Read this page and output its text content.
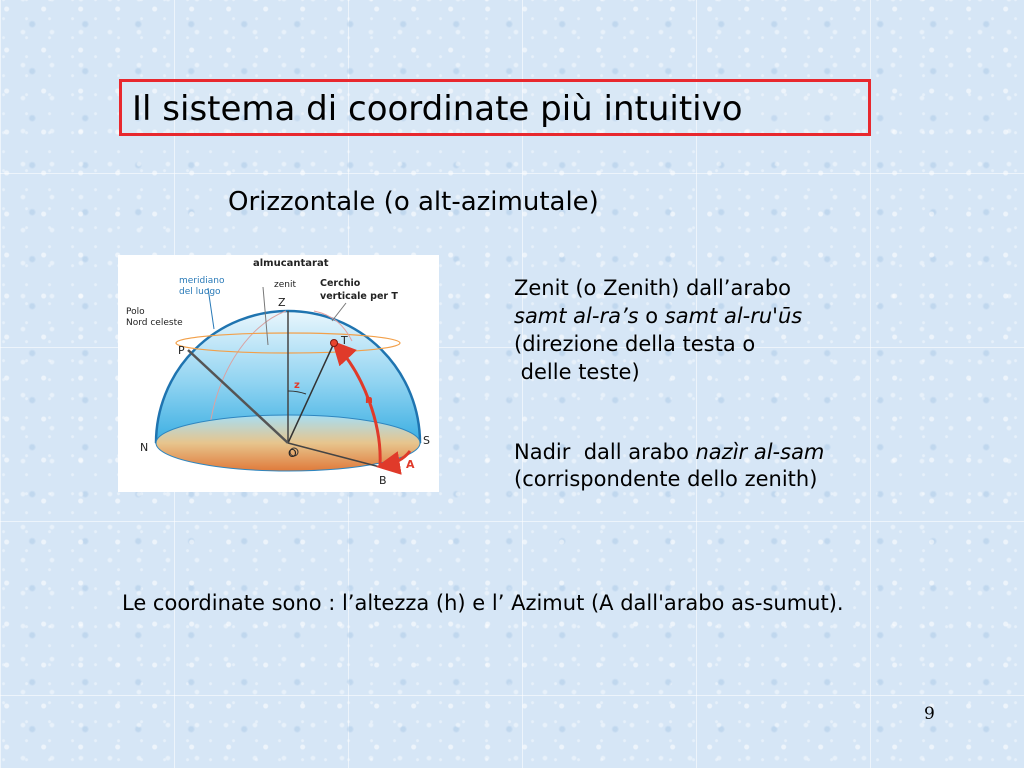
Il sistema di coordinate più intuitivo
Orizzontale (o alt-azimutale)
almucantarat
meridiano
del luogo
zenit	Cerchio
verticale per T
Polo
Nord celeste
Z
T
P
z
h
N
S
O
A
B
Zenit (o Zenith) dall’arabo
samt al-ra’s o samt al-ru'ūs
(direzione della testa o
delle teste)
Nadir  dall arabo nazìr al-sam
(corrispondente dello zenith)
Le coordinate sono : l’altezza (h) e l’ Azimut (A dall'arabo as-sumut).
9
